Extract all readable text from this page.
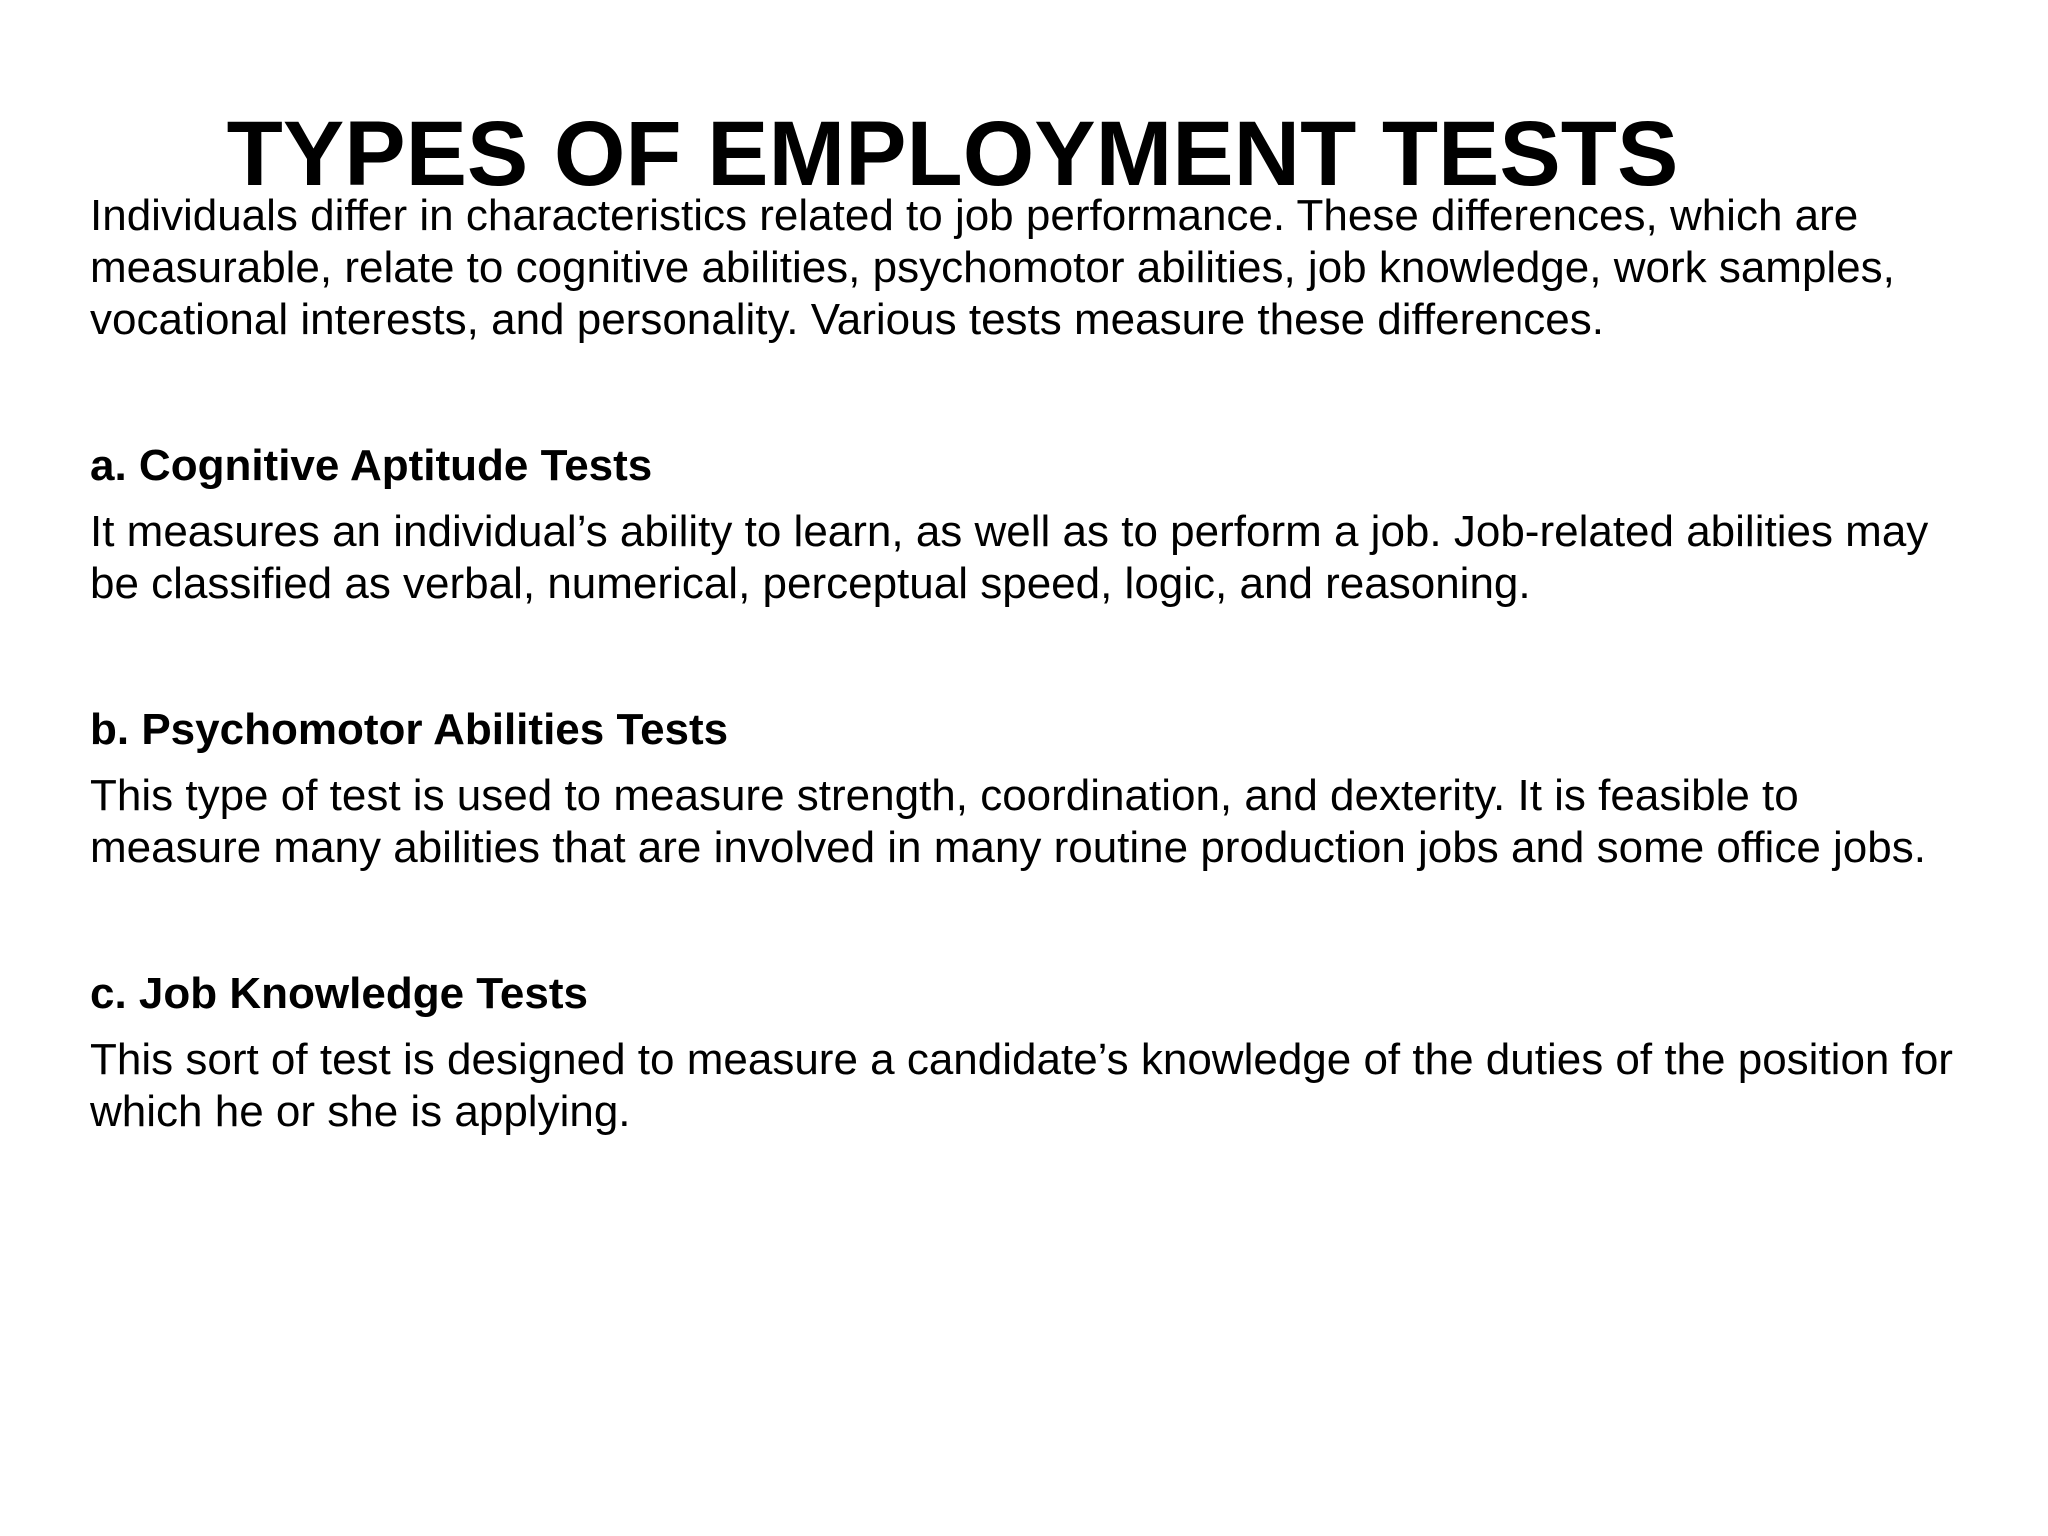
TYPES OF EMPLOYMENT TESTS

Individuals differ in characteristics related to job performance. These differences, which are measurable, relate to cognitive abilities, psychomotor abilities, job knowledge, work samples, vocational interests, and personality. Various tests measure these differences.

a. Cognitive Aptitude Tests

It measures an individual’s ability to learn, as well as to perform a job. Job-related abilities may be classified as verbal, numerical, perceptual speed, logic, and reasoning.

b. Psychomotor Abilities Tests

This type of test is used to measure strength, coordination, and dexterity. It is feasible to measure many abilities that are involved in many routine production jobs and some office jobs.

c. Job Knowledge Tests

This sort of test is designed to measure a candidate’s knowledge of the duties of the position for which he or she is applying.
